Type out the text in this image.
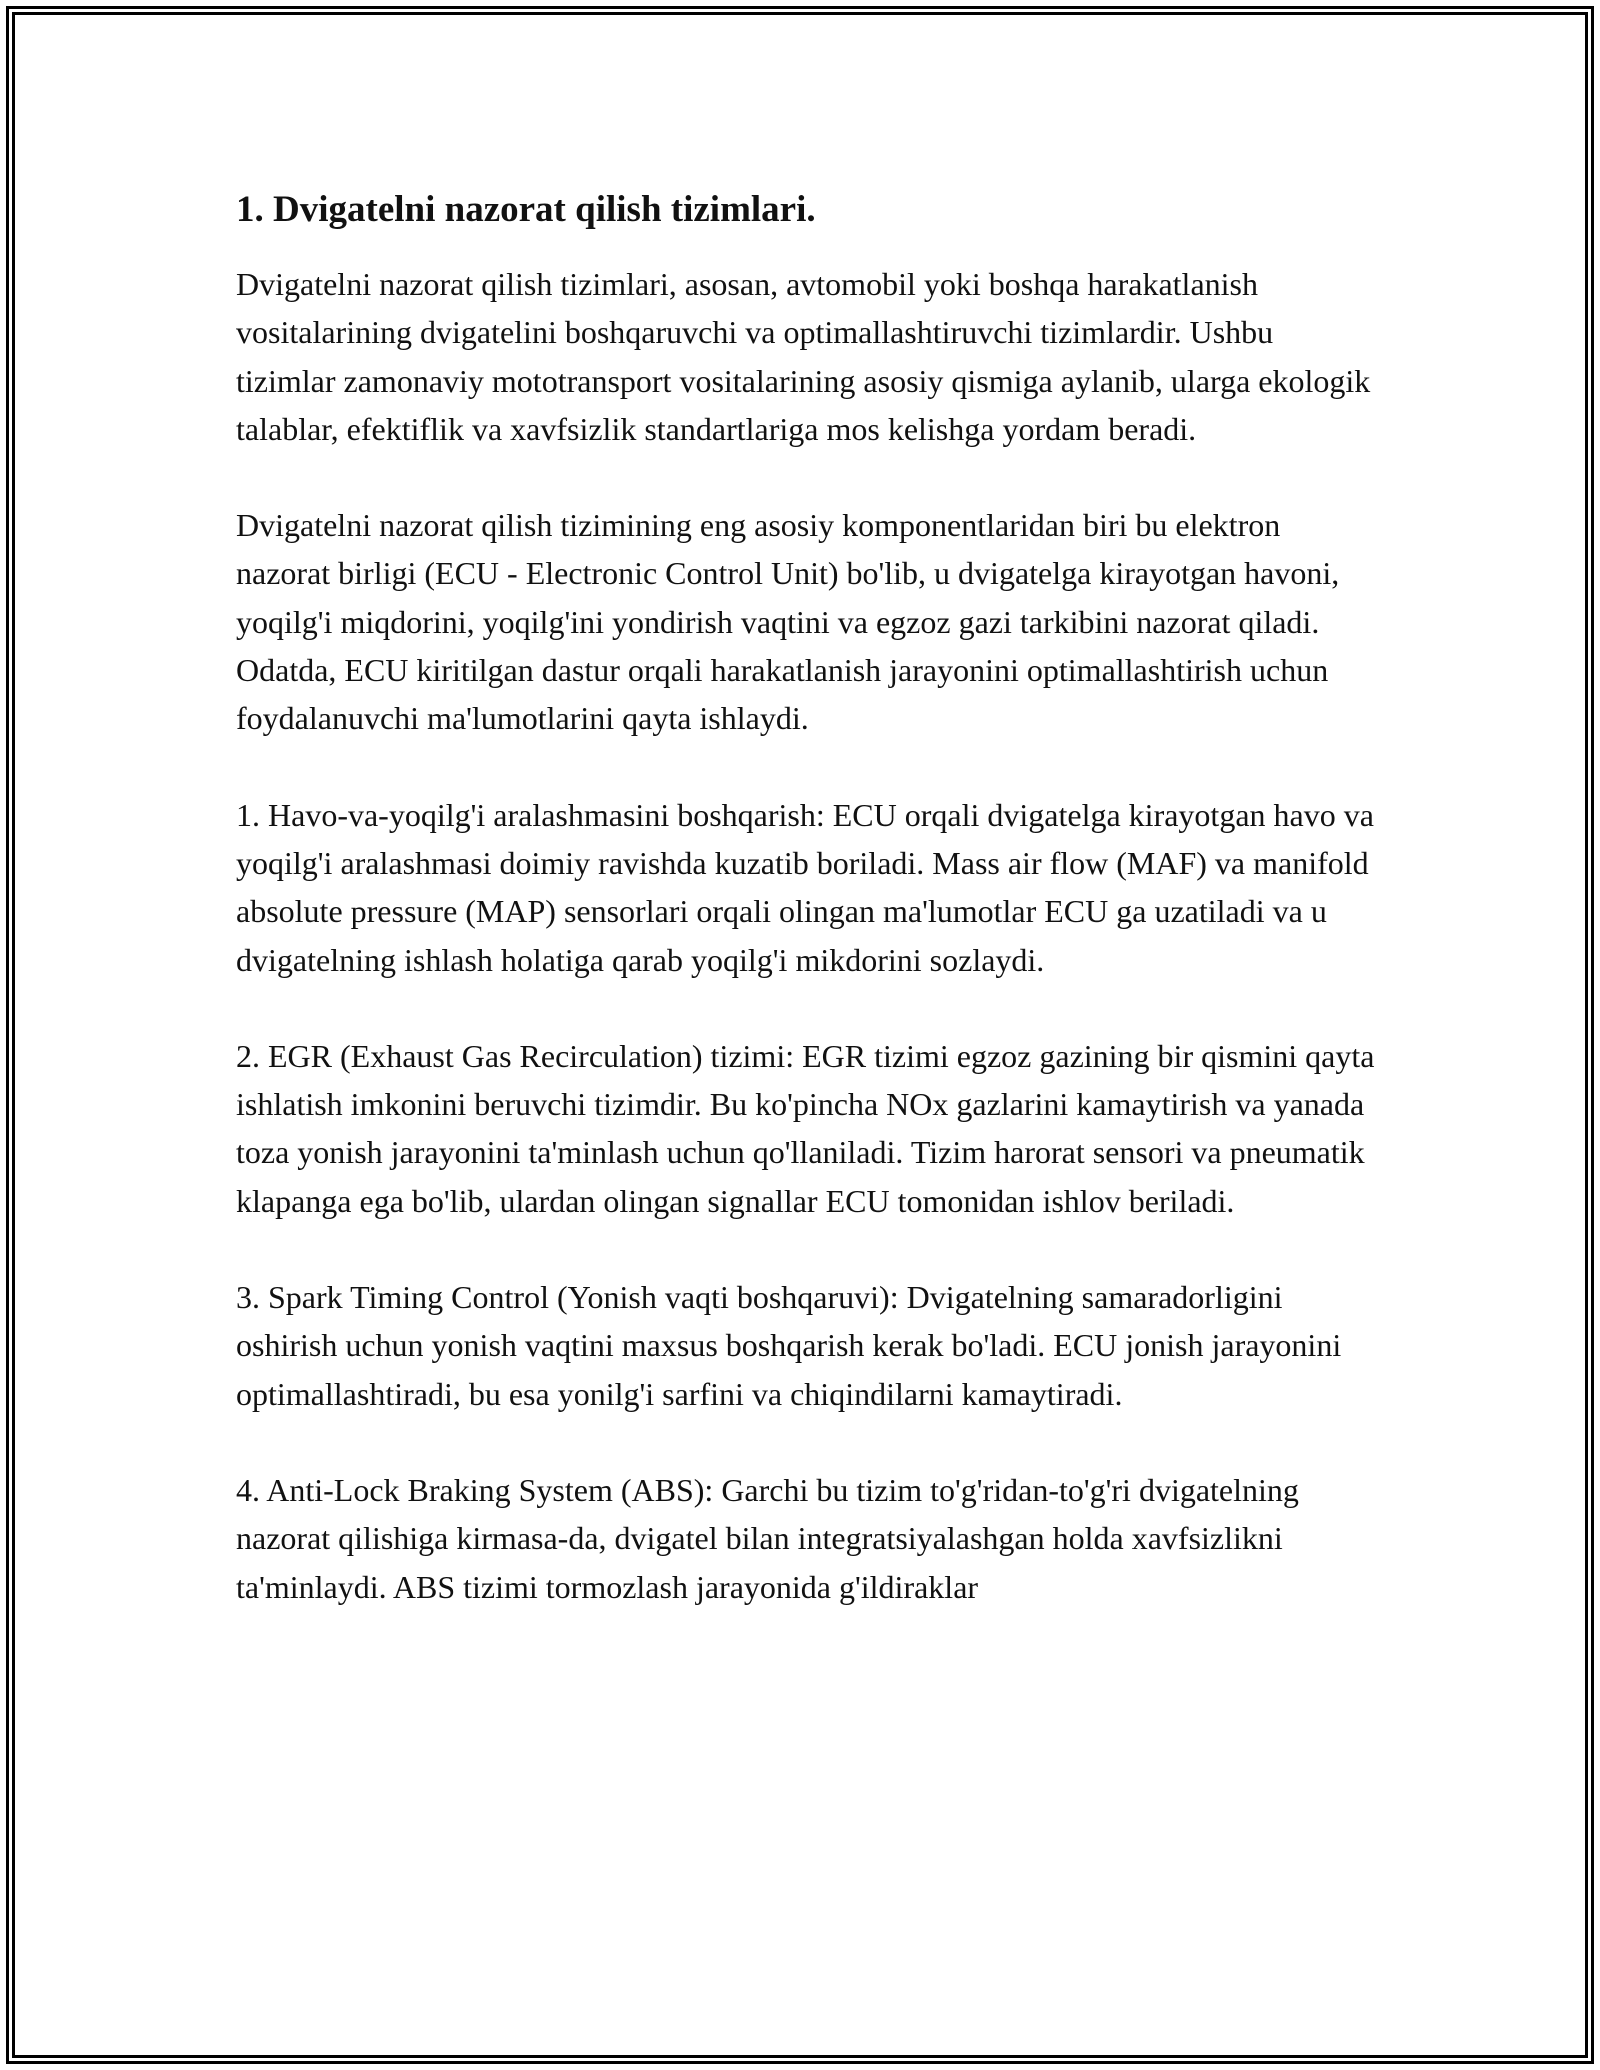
1. Dvigatelni nazorat qilish tizimlari.

Dvigatelni nazorat qilish tizimlari, asosan, avtomobil yoki boshqa harakatlanish vositalarining dvigatelini boshqaruvchi va optimallashtiruvchi tizimlardir. Ushbu tizimlar zamonaviy mototransport vositalarining asosiy qismiga aylanib, ularga ekologik talablar, efektiflik va xavfsizlik standartlariga mos kelishga yordam beradi.

Dvigatelni nazorat qilish tizimining eng asosiy komponentlaridan biri bu elektron nazorat birligi (ECU - Electronic Control Unit) bo'lib, u dvigatelga kirayotgan havoni, yoqilg'i miqdorini, yoqilg'ini yondirish vaqtini va egzoz gazi tarkibini nazorat qiladi. Odatda, ECU kiritilgan dastur orqali harakatlanish jarayonini optimallashtirish uchun foydalanuvchi ma'lumotlarini qayta ishlaydi.

1. Havo-va-yoqilg'i aralashmasini boshqarish: ECU orqali dvigatelga kirayotgan havo va yoqilg'i aralashmasi doimiy ravishda kuzatib boriladi. Mass air flow (MAF) va manifold absolute pressure (MAP) sensorlari orqali olingan ma'lumotlar ECU ga uzatiladi va u dvigatelning ishlash holatiga qarab yoqilg'i mikdorini sozlaydi.

2. EGR (Exhaust Gas Recirculation) tizimi: EGR tizimi egzoz gazining bir qismini qayta ishlatish imkonini beruvchi tizimdir. Bu ko'pincha NOx gazlarini kamaytirish va yanada toza yonish jarayonini ta'minlash uchun qo'llaniladi. Tizim harorat sensori va pneumatik klapanga ega bo'lib, ulardan olingan signallar ECU tomonidan ishlov beriladi.

3. Spark Timing Control (Yonish vaqti boshqaruvi): Dvigatelning samaradorligini oshirish uchun yonish vaqtini maxsus boshqarish kerak bo'ladi. ECU jonish jarayonini optimallashtiradi, bu esa yonilg'i sarfini va chiqindilarni kamaytiradi.

4. Anti-Lock Braking System (ABS): Garchi bu tizim to'g'ridan-to'g'ri dvigatelning nazorat qilishiga kirmasa-da, dvigatel bilan integratsiyalashgan holda xavfsizlikni ta'minlaydi. ABS tizimi tormozlash jarayonida g'ildiraklar
